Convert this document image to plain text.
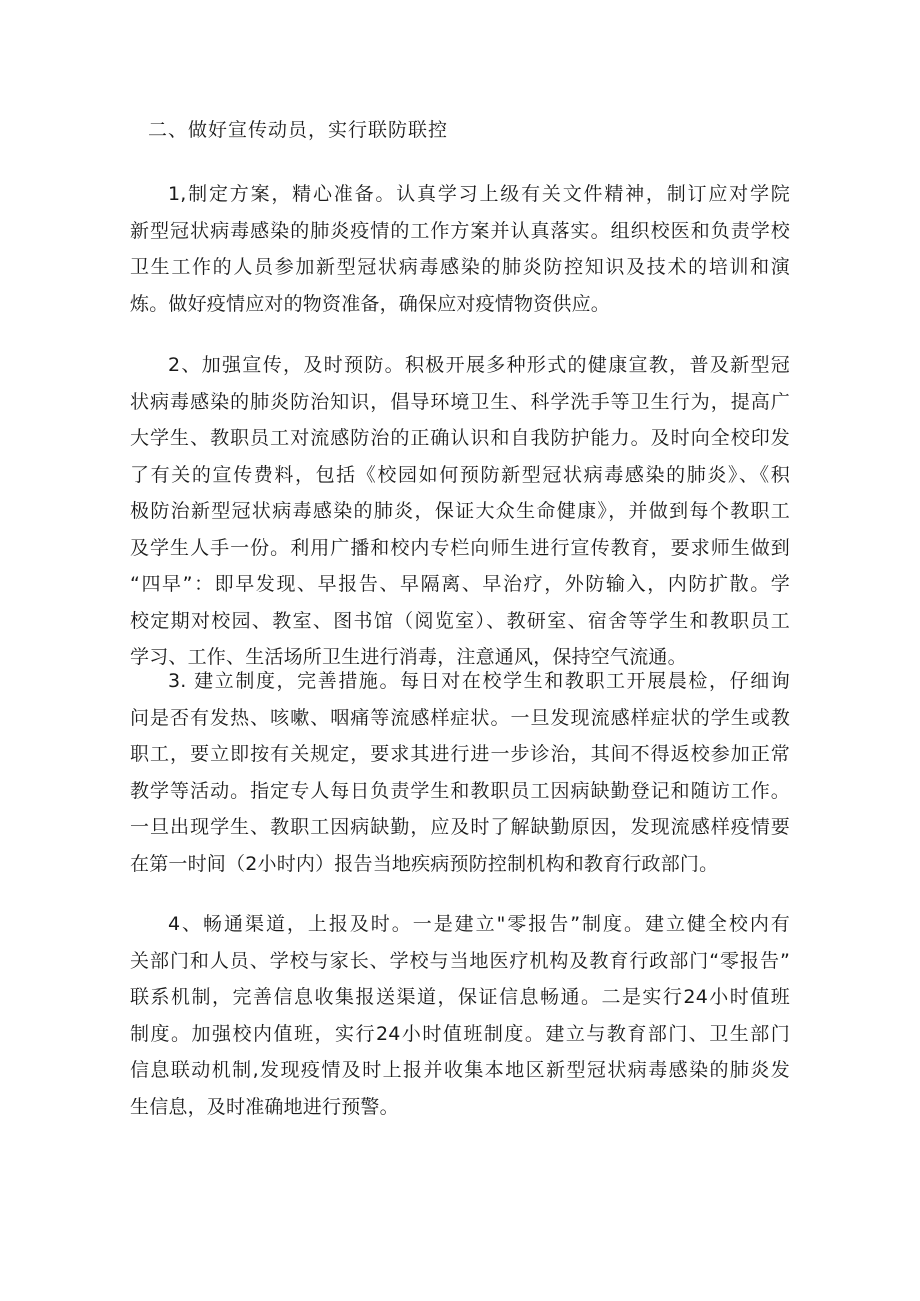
二、做好宣传动员，实行联防联控
1,制定方案，精心准备。认真学习上级有关文件精神，制订应对学院
新型冠状病毒感染的肺炎疫情的工作方案并认真落实。组织校医和负责学校
卫生工作的人员参加新型冠状病毒感染的肺炎防控知识及技术的培训和演
炼。做好疫情应对的物资准备，确保应对疫情物资供应。
2、加强宣传，及时预防。积极开展多种形式的健康宣教，普及新型冠
状病毒感染的肺炎防治知识，倡导环境卫生、科学洗手等卫生行为，提高广
大学生、教职员工对流感防治的正确认识和自我防护能力。及时向全校印发
了有关的宣传费料，包括《校园如何预防新型冠状病毒感染的肺炎》、《积
极防治新型冠状病毒感染的肺炎，保证大众生命健康》，并做到每个教职工
及学生人手一份。利用广播和校内专栏向师生进行宣传教育，要求师生做到
“四早”：即早发现、早报告、早隔离、早治疗，外防输入，内防扩散。学
校定期对校园、教室、图书馆（阅览室）、教研室、宿舍等学生和教职员工
学习、工作、生活场所卫生进行消毒，注意通风，保持空气流通。
3. 建立制度，完善措施。每日对在校学生和教职工开展晨检，仔细询
问是否有发热、咳嗽、咽痛等流感样症状。一旦发现流感样症状的学生或教
职工，要立即按有关规定，要求其进行进一步诊治，其间不得返校参加正常
教学等活动。指定专人每日负责学生和教职员工因病缺勤登记和随访工作。
一旦出现学生、教职工因病缺勤，应及时了解缺勤原因，发现流感样疫情要
在第一时间（2小时内）报告当地疾病预防控制机构和教育行政部门。
4、畅通渠道，上报及时。一是建立"零报告”制度。建立健全校内有
关部门和人员、学校与家长、学校与当地医疗机构及教育行政部门“零报告”
联系机制，完善信息收集报送渠道，保证信息畅通。二是实行24小时值班
制度。加强校内值班，实行24小时值班制度。建立与教育部门、卫生部门
信息联动机制,发现疫情及时上报并收集本地区新型冠状病毒感染的肺炎发
生信息，及时准确地进行预警。
